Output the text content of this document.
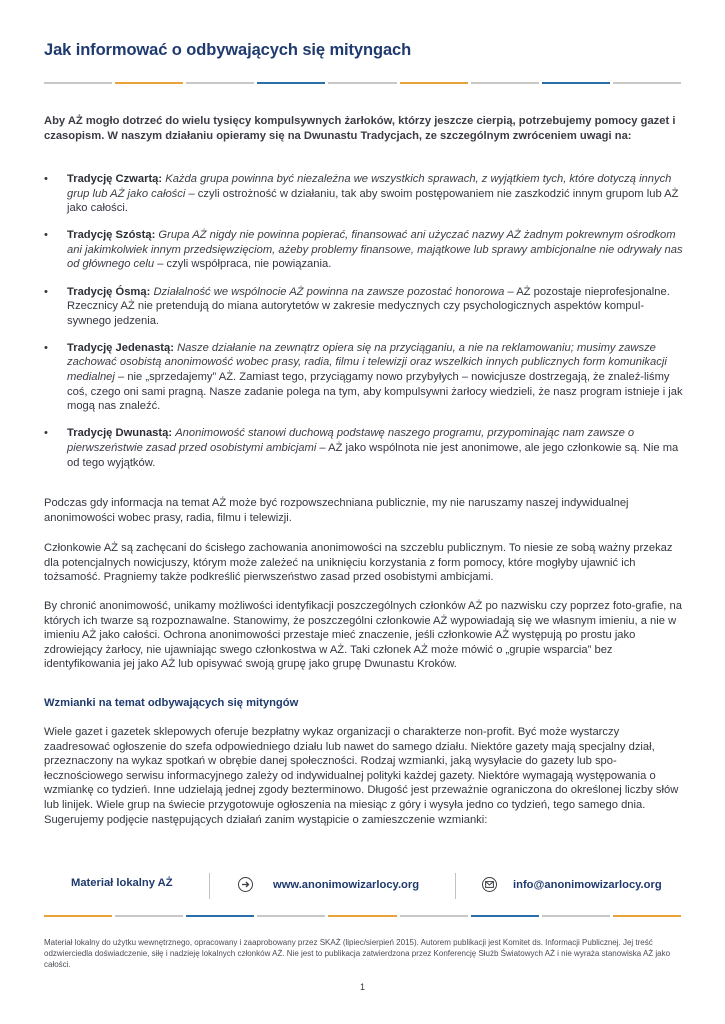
Jak informować o odbywających się mityngach

Aby AŻ mogło dotrzeć do wielu tysięcy kompulsywnych żarłoków, którzy jeszcze cierpią, potrzebujemy pomocy gazet i czasopism. W naszym działaniu opieramy się na Dwunastu Tradycjach, ze szczególnym zwróceniem uwagi na:

• Tradycję Czwartą: Każda grupa powinna być niezależna we wszystkich sprawach, z wyjątkiem tych, które dotyczą innych grup lub AŻ jako całości – czyli ostrożność w działaniu, tak aby swoim postępowaniem nie zaszkodzić innym grupom lub AŻ jako całości.
• Tradycję Szóstą: Grupa AŻ nigdy nie powinna popierać, finansować ani użyczać nazwy AŻ żadnym pokrewnym ośrodkom ani jakimkolwiek innym przedsięwzięciom, ażeby problemy finansowe, majątkowe lub sprawy ambicjonalne nie odrywały nas od głównego celu – czyli współpraca, nie powiązania.
• Tradycję Ósmą: Działalność we wspólnocie AŻ powinna na zawsze pozostać honorowa – AŻ pozostaje nieprofesjonalne. Rzecznicy AŻ nie pretendują do miana autorytetów w zakresie medycznych czy psychologicznych aspektów kompul-sywnego jedzenia.
• Tradycję Jedenastą: Nasze działanie na zewnątrz opiera się na przyciąganiu, a nie na reklamowaniu; musimy zawsze zachować osobistą anonimowość wobec prasy, radia, filmu i telewizji oraz wszelkich innych publicznych form komunikacji medialnej – nie „sprzedajemy” AŻ. Zamiast tego, przyciągamy nowo przybyłych – nowicjusze dostrzegają, że znaleź-liśmy coś, czego oni sami pragną. Nasze zadanie polega na tym, aby kompulsywni żarłocy wiedzieli, że nasz program istnieje i jak mogą nas znaleźć.
• Tradycję Dwunastą: Anonimowość stanowi duchową podstawę naszego programu, przypominając nam zawsze o pierwszeństwie zasad przed osobistymi ambicjami – AŻ jako wspólnota nie jest anonimowe, ale jego członkowie są. Nie ma od tego wyjątków.

Podczas gdy informacja na temat AŻ może być rozpowszechniana publicznie, my nie naruszamy naszej indywidualnej anonimowości wobec prasy, radia, filmu i telewizji.

Członkowie AŻ są zachęcani do ścisłego zachowania anonimowości na szczeblu publicznym. To niesie ze sobą ważny przekaz dla potencjalnych nowicjuszy, którym może zależeć na uniknięciu korzystania z form pomocy, które mogłyby ujawnić ich tożsamość. Pragniemy także podkreślić pierwszeństwo zasad przed osobistymi ambicjami.

By chronić anonimowość, unikamy możliwości identyfikacji poszczególnych członków AŻ po nazwisku czy poprzez foto-grafie, na których ich twarze są rozpoznawalne. Stanowimy, że poszczególni członkowie AŻ wypowiadają się we własnym imieniu, a nie w imieniu AŻ jako całości. Ochrona anonimowości przestaje mieć znaczenie, jeśli członkowie AŻ występują po prostu jako zdrowiejący żarłocy, nie ujawniając swego członkostwa w AŻ. Taki członek AŻ może mówić o „grupie wsparcia” bez identyfikowania jej jako AŻ lub opisywać swoją grupę jako grupę Dwunastu Kroków.

Wzmianki na temat odbywających się mityngów

Wiele gazet i gazetek sklepowych oferuje bezpłatny wykaz organizacji o charakterze non-profit. Być może wystarczy zaadresować ogłoszenie do szefa odpowiedniego działu lub nawet do samego działu. Niektóre gazety mają specjalny dział, przeznaczony na wykaz spotkań w obrębie danej społeczności. Rodzaj wzmianki, jaką wysyłacie do gazety lub spo-łecznościowego serwisu informacyjnego zależy od indywidualnej polityki każdej gazety. Niektóre wymagają występowania o wzmiankę co tydzień. Inne udzielają jednej zgody bezterminowo. Długość jest przeważnie ograniczona do określonej liczby słów lub linijek. Wiele grup na świecie przygotowuje ogłoszenia na miesiąc z góry i wysyła jedno co tydzień, tego samego dnia. Sugerujemy podjęcie następujących działań zanim wystąpicie o zamieszczenie wzmianki:

Materiał lokalny AŻ	www.anonimowizarlocy.org	info@anonimowizarlocy.org

Materiał lokalny do użytku wewnętrznego, opracowany i zaaprobowany przez SKAŻ (lipiec/sierpień 2015). Autorem publikacji jest Komitet ds. Informacji Publicznej. Jej treść odzwierciedla doświadczenie, siłę i nadzieję lokalnych członków AŻ. Nie jest to publikacja zatwierdzona przez Konferencję Służb Światowych AŻ i nie wyraża stanowiska AŻ jako całości.

1
